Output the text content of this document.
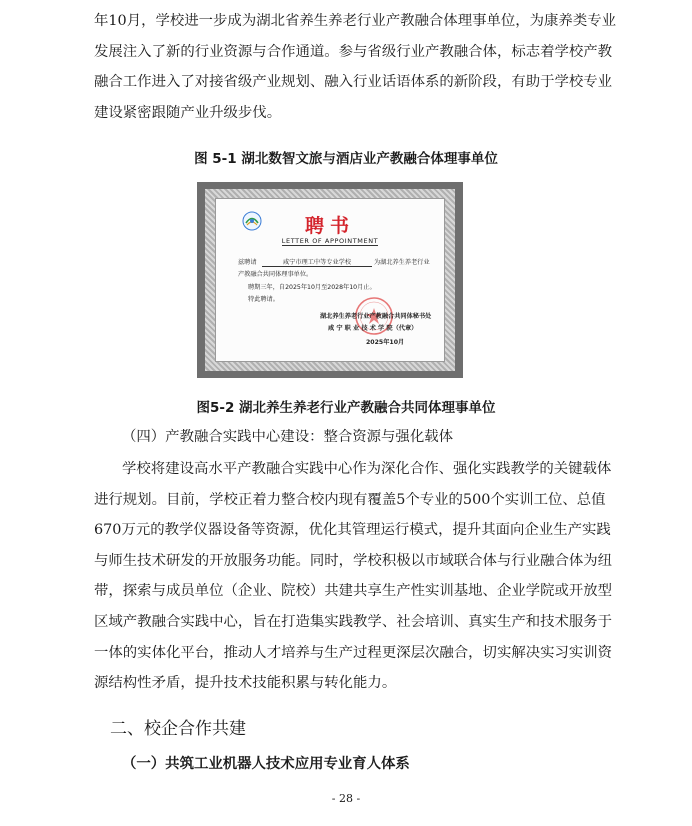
年10月，学校进一步成为湖北省养生养老行业产教融合体理事单位，为康养类专业
发展注入了新的行业资源与合作通道。参与省级行业产教融合体，标志着学校产教
融合工作进入了对接省级产业规划、融入行业话语体系的新阶段，有助于学校专业
建设紧密跟随产业升级步伐。

图 5-1 湖北数智文旅与酒店业产教融合体理事单位

聘书

LETTER OF APPOINTMENT

兹聘请	咸宁市理工中等专业学校	为湖北养生养老行业

产教融合共同体理事单位。

聘期三年，自2025年10月至2028年10月止。

特此聘请。

湖北养生养老行业产教融合共同体秘书处

咸 宁 职 业 技 术 学 院（代章）

2025年10月

图5-2 湖北养生养老行业产教融合共同体理事单位

（四）产教融合实践中心建设：整合资源与强化载体
学校将建设高水平产教融合实践中心作为深化合作、强化实践教学的关键载体
进行规划。目前，学校正着力整合校内现有覆盖5个专业的500个实训工位、总值
670万元的教学仪器设备等资源，优化其管理运行模式，提升其面向企业生产实践
与师生技术研发的开放服务功能。同时，学校积极以市域联合体与行业融合体为纽
带，探索与成员单位（企业、院校）共建共享生产性实训基地、企业学院或开放型
区域产教融合实践中心，旨在打造集实践教学、社会培训、真实生产和技术服务于
一体的实体化平台，推动人才培养与生产过程更深层次融合，切实解决实习实训资
源结构性矛盾，提升技术技能积累与转化能力。

二、校企合作共建

（一）共筑工业机器人技术应用专业育人体系

- 28 -
